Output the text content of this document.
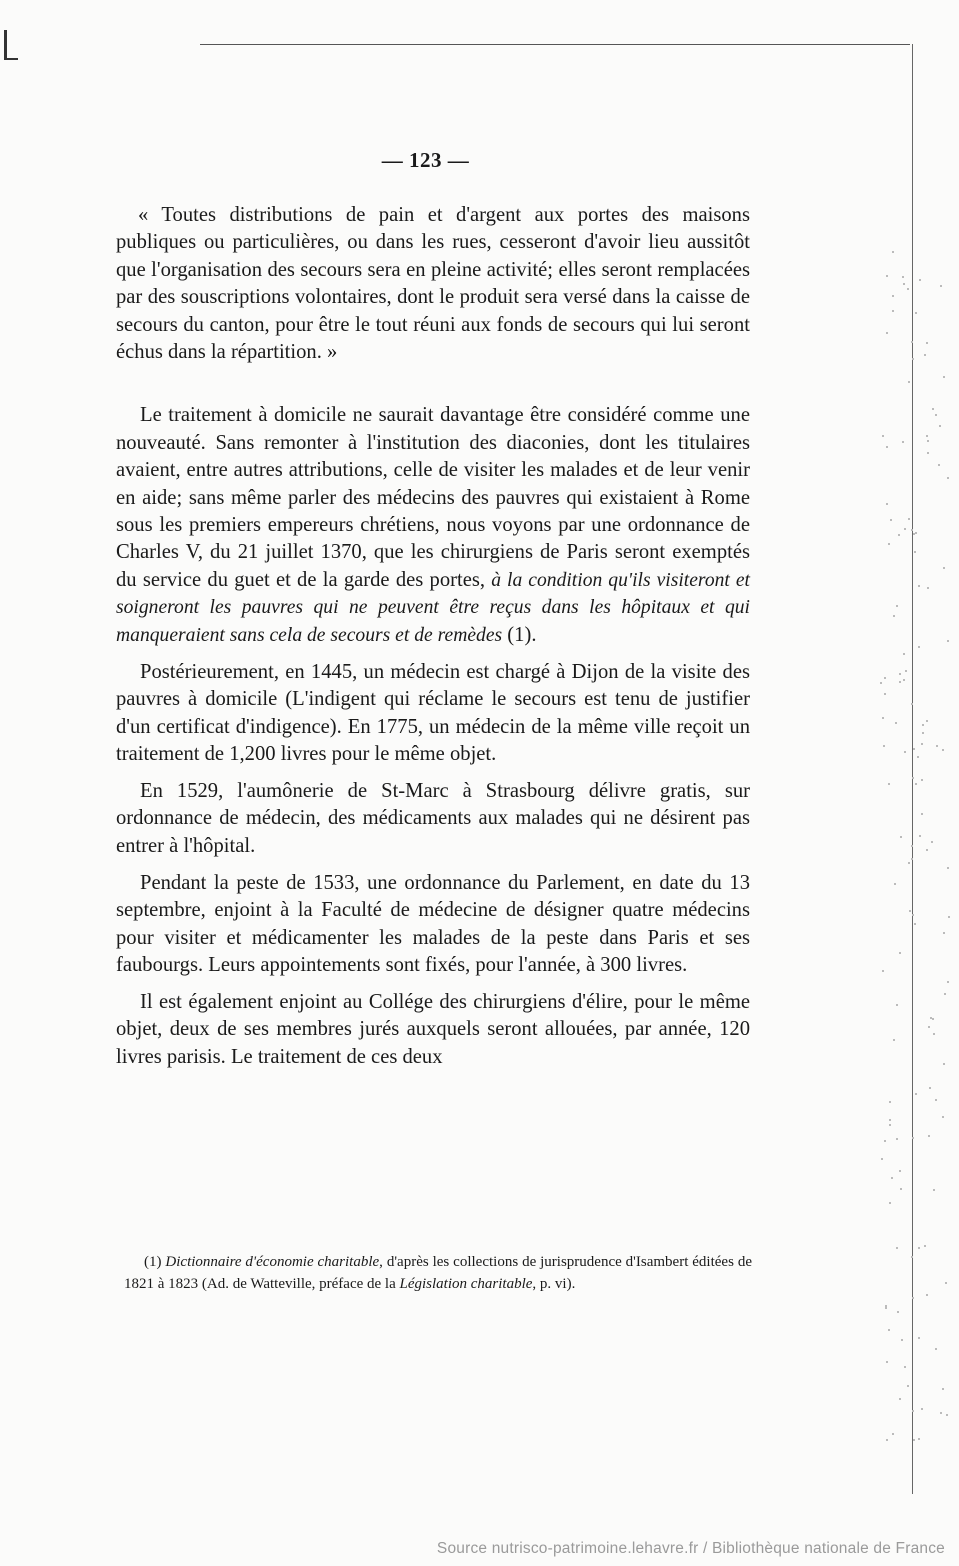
— 123 —

« Toutes distributions de pain et d'argent aux portes des maisons publiques ou particulières, ou dans les rues, cesseront d'avoir lieu aussitôt que l'organisation des secours sera en pleine activité; elles seront remplacées par des souscriptions volontaires, dont le produit sera versé dans la caisse de secours du canton, pour être le tout réuni aux fonds de secours qui lui seront échus dans la répartition. »

Le traitement à domicile ne saurait davantage être considéré comme une nouveauté. Sans remonter à l'institution des diaconies, dont les titulaires avaient, entre autres attributions, celle de visiter les malades et de leur venir en aide; sans même parler des médecins des pauvres qui existaient à Rome sous les premiers empereurs chrétiens, nous voyons par une ordonnance de Charles V, du 21 juillet 1370, que les chirurgiens de Paris seront exemptés du service du guet et de la garde des portes, à la condition qu'ils visiteront et soigneront les pauvres qui ne peuvent être reçus dans les hôpitaux et qui manqueraient sans cela de secours et de remèdes (1).

Postérieurement, en 1445, un médecin est chargé à Dijon de la visite des pauvres à domicile (L'indigent qui réclame le secours est tenu de justifier d'un certificat d'indigence). En 1775, un médecin de la même ville reçoit un traitement de 1,200 livres pour le même objet.

En 1529, l'aumônerie de St-Marc à Strasbourg délivre gratis, sur ordonnance de médecin, des médicaments aux malades qui ne désirent pas entrer à l'hôpital.

Pendant la peste de 1533, une ordonnance du Parlement, en date du 13 septembre, enjoint à la Faculté de médecine de désigner quatre médecins pour visiter et médicamenter les malades de la peste dans Paris et ses faubourgs. Leurs appointements sont fixés, pour l'année, à 300 livres.

Il est également enjoint au Collége des chirurgiens d'élire, pour le même objet, deux de ses membres jurés auxquels seront allouées, par année, 120 livres parisis. Le traitement de ces deux

(1) Dictionnaire d'économie charitable, d'après les collections de jurisprudence d'Isambert éditées de 1821 à 1823 (Ad. de Watteville, préface de la Législation charitable, p. vi).

Source nutrisco-patrimoine.lehavre.fr / Bibliothèque nationale de France
